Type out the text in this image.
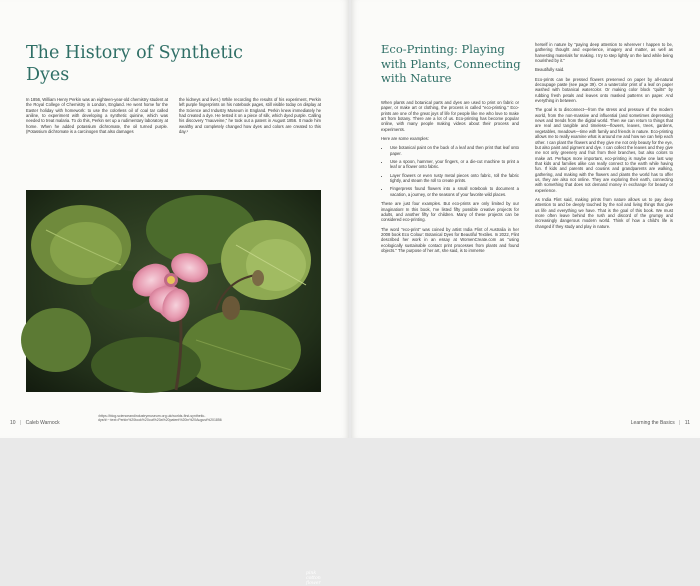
The History of Synthetic Dyes

In 1856, William Henry Perkin was an eighteen-year-old chemistry student at the Royal College of Chemistry in London, England. He went home for the Easter holiday with homework: to use the colorless oil of coal tar called aniline, to experiment with developing a synthetic quinine, which was needed to treat malaria. To do this, Perkin set up a rudimentary laboratory at home. When he added potassium dichromate, the oil turned purple. (Potassium dichromate is a carcinogen that also damages

the kidneys and liver.) While recording the results of his experiment, Perkin left purple fingerprints on his notebook pages, still visible today on display at the Science and Industry Museum in England. Perkin knew immediately he had created a dye. He tested it on a piece of silk, which dyed purple. Calling his discovery "mauveine," he took out a patent in August 1856. It made him wealthy and completely changed how dyes and colors are created to this day.¹

pink cotton flower
10 | Caleb Warnock
¹https://blog.scienceandindustrymuseum.org.uk/worlds-first-synthetic-dye/#:~:text=Perkin%20took%20out%20a%20patent%20in%20August%201856
Eco-Printing: Playing with Plants, Connecting with Nature

When plants and botanical parts and dyes are used to print on fabric or paper, or make art or clothing, the process is called "eco-printing." Eco-prints are one of the great joys of life for people like me who love to make art from botany. There are a lot of us. Eco-printing has become popular online, with many people making videos about their process and experiments.

Here are some examples:

• Use botanical paint on the back of a leaf and then print that leaf onto paper.
• Use a spoon, hammer, your fingers, or a die-cut machine to print a leaf or a flower onto fabric.
• Layer flowers or even rusty metal pieces onto fabric, roll the fabric tightly, and steam the roll to create prints.
• Fingerpress found flowers into a small notebook to document a vacation, a journey, or the seasons of your favorite wild places.

These are just four examples. But eco-prints are only limited by our imagination! In this book, I've listed fifty possible creative projects for adults, and another fifty for children. Many of these projects can be considered eco-printing.

The word "eco-print" was coined by artist India Flint of Australia in her 2008 book Eco Colour: Botanical Dyes for Beautiful Textiles. In 2022, Flint described her work in an essay at WomenCreate.com as "using ecologically sustainable contact print processes from plants and found objects." The purpose of her art, she said, is to immerse

herself in nature by "paying deep attention to wherever I happen to be, gathering thought and experience, imagery and matter, as well as harvesting materials for making. I try to step lightly on the land while being nourished by it."

Beautifully said.

Eco-prints can be pressed flowers preserved on paper by all-natural decoupage paste (see page 39). Or a watercolor print of a leaf on paper washed with botanical watercolor. Or making color block "quilts" by rubbing fresh petals and leaves onto masked patterns on paper. And everything in between.

The goal is to disconnect—from the stress and pressure of the modern world, from the non-massive and influential (and sometimes depressing) news and trends from the digital world. Then we can return to things that are real and tangible and timeless—flowers, leaves, trees, gardens, vegetables, meadows—time with family and friends in nature. Eco-printing allows me to really examine what is around me and how we can help each other. I can plant the flowers and they give me not only beauty for the eye, but also paint and pigment and dye. I can collect the leaves and they give me not only greenery and fruit from their branches, but also colors to make art. Perhaps more important, eco-printing is maybe one last way that kids and families alike can really connect to the earth while having fun. If kids and parents and cousins and grandparents are walking, gathering, and making with the flowers and plants the world has to offer us, they are also not online. They are exploring their earth, connecting with something that does not demand money in exchange for beauty or experience.

As India Flint said, making prints from nature allows us to pay deep attention to and be deeply touched by the soil and living things that give us life and everything we have. That is the goal of this book. We must more often leave behind the rush and discord of the grumpy and increasingly dangerous modern world. Think of how a child's life is changed if they study and play in nature.

Learning the Basics | 11
